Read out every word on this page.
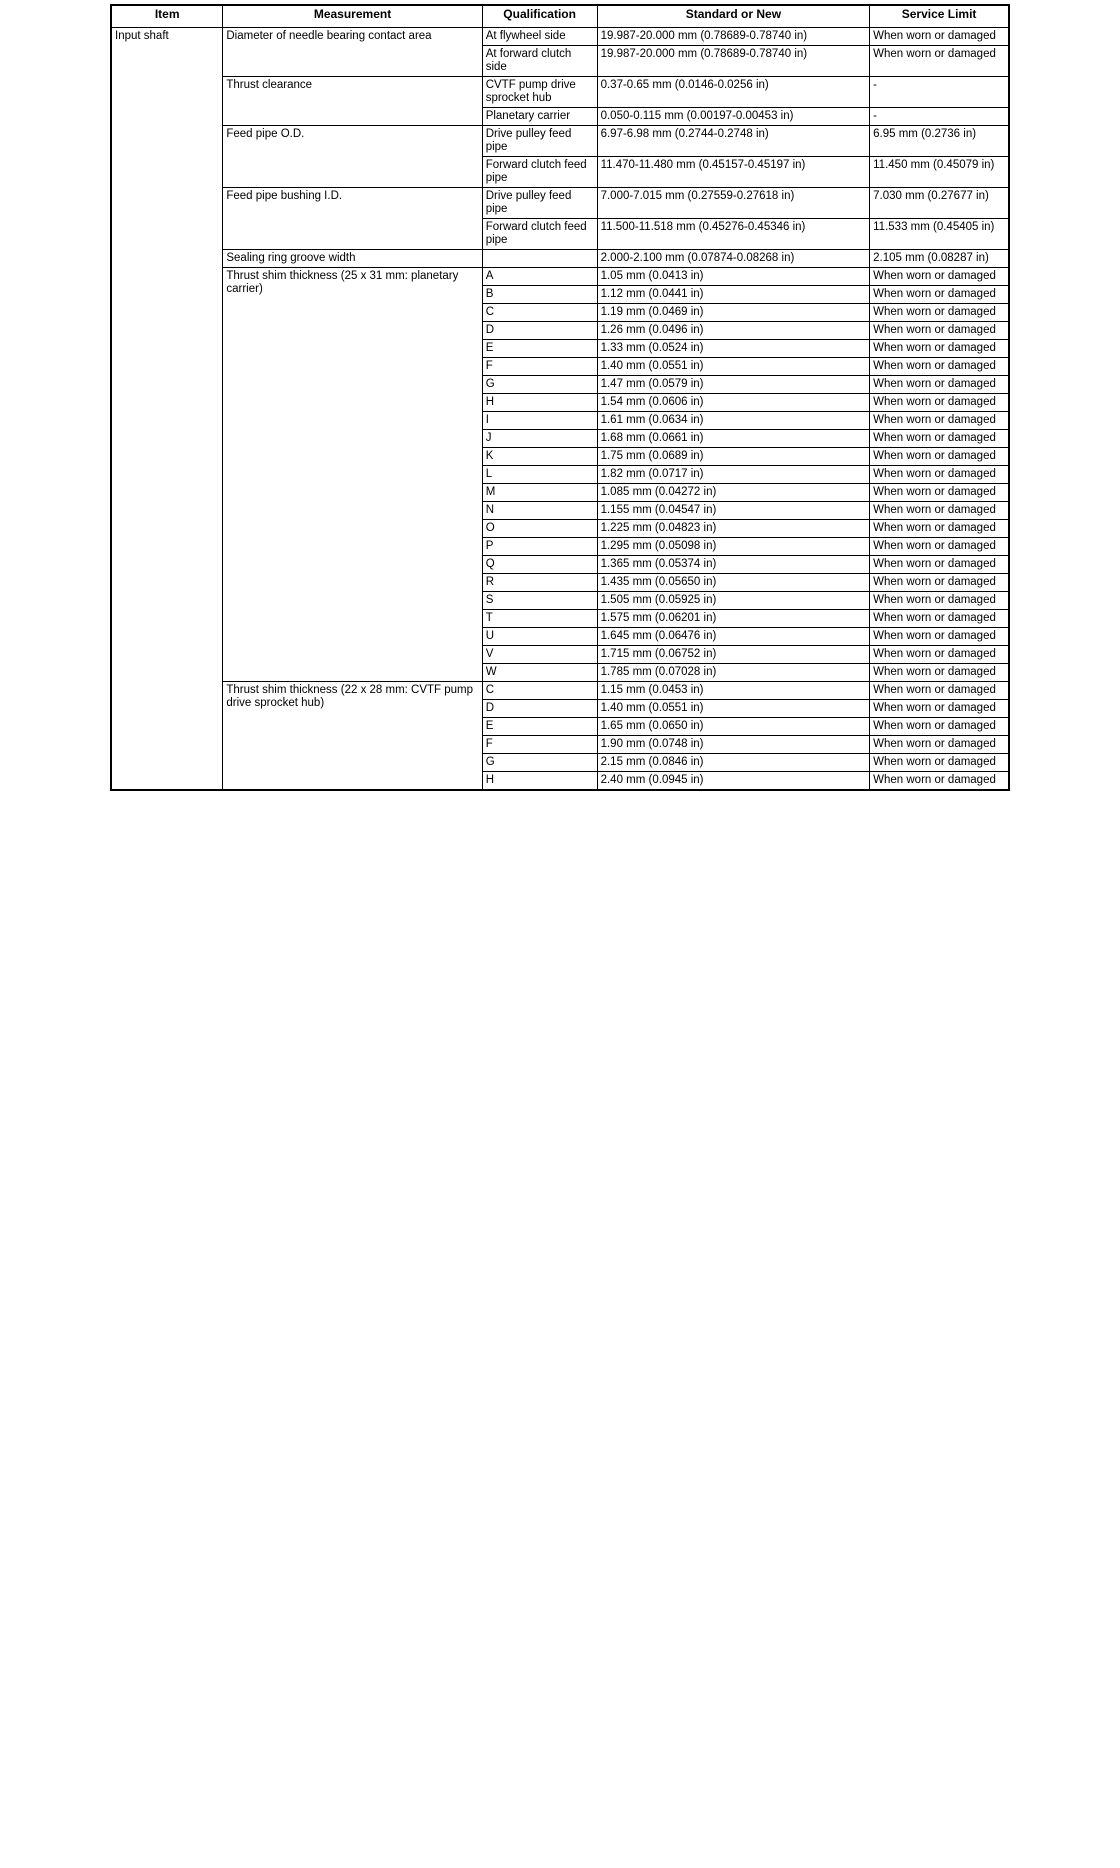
Item	Measurement	Qualification	Standard or New	Service Limit
Input shaft	Diameter of needle bearing contact area	At flywheel side	19.987-20.000 mm (0.78689-0.78740 in)	When worn or damaged
		At forward clutch side	19.987-20.000 mm (0.78689-0.78740 in)	When worn or damaged
	Thrust clearance	CVTF pump drive sprocket hub	0.37-0.65 mm (0.0146-0.0256 in)	-
		Planetary carrier	0.050-0.115 mm (0.00197-0.00453 in)	-
	Feed pipe O.D.	Drive pulley feed pipe	6.97-6.98 mm (0.2744-0.2748 in)	6.95 mm (0.2736 in)
		Forward clutch feed pipe	11.470-11.480 mm (0.45157-0.45197 in)	11.450 mm (0.45079 in)
	Feed pipe bushing I.D.	Drive pulley feed pipe	7.000-7.015 mm (0.27559-0.27618 in)	7.030 mm (0.27677 in)
		Forward clutch feed pipe	11.500-11.518 mm (0.45276-0.45346 in)	11.533 mm (0.45405 in)
	Sealing ring groove width		2.000-2.100 mm (0.07874-0.08268 in)	2.105 mm (0.08287 in)
	Thrust shim thickness (25 x 31 mm: planetary carrier)	A	1.05 mm (0.0413 in)	When worn or damaged
		B	1.12 mm (0.0441 in)	When worn or damaged
		C	1.19 mm (0.0469 in)	When worn or damaged
		D	1.26 mm (0.0496 in)	When worn or damaged
		E	1.33 mm (0.0524 in)	When worn or damaged
		F	1.40 mm (0.0551 in)	When worn or damaged
		G	1.47 mm (0.0579 in)	When worn or damaged
		H	1.54 mm (0.0606 in)	When worn or damaged
		I	1.61 mm (0.0634 in)	When worn or damaged
		J	1.68 mm (0.0661 in)	When worn or damaged
		K	1.75 mm (0.0689 in)	When worn or damaged
		L	1.82 mm (0.0717 in)	When worn or damaged
		M	1.085 mm (0.04272 in)	When worn or damaged
		N	1.155 mm (0.04547 in)	When worn or damaged
		O	1.225 mm (0.04823 in)	When worn or damaged
		P	1.295 mm (0.05098 in)	When worn or damaged
		Q	1.365 mm (0.05374 in)	When worn or damaged
		R	1.435 mm (0.05650 in)	When worn or damaged
		S	1.505 mm (0.05925 in)	When worn or damaged
		T	1.575 mm (0.06201 in)	When worn or damaged
		U	1.645 mm (0.06476 in)	When worn or damaged
		V	1.715 mm (0.06752 in)	When worn or damaged
		W	1.785 mm (0.07028 in)	When worn or damaged
	Thrust shim thickness (22 x 28 mm: CVTF pump drive sprocket hub)	C	1.15 mm (0.0453 in)	When worn or damaged
		D	1.40 mm (0.0551 in)	When worn or damaged
		E	1.65 mm (0.0650 in)	When worn or damaged
		F	1.90 mm (0.0748 in)	When worn or damaged
		G	2.15 mm (0.0846 in)	When worn or damaged
		H	2.40 mm (0.0945 in)	When worn or damaged
